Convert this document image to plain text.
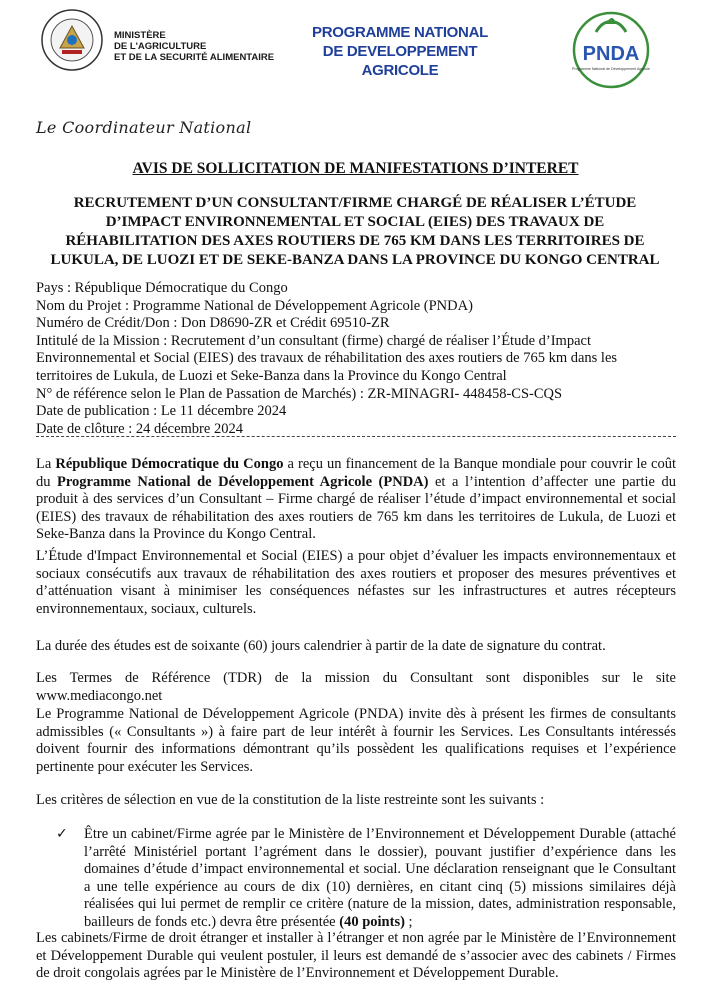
MINISTÈRE
DE L'AGRICULTURE
ET DE LA SECURITÉ ALIMENTAIRE
PROGRAMME NATIONAL
DE DEVELOPPEMENT
AGRICOLE
PNDA
Programme National de Développement Agricole
Le Coordinateur National
AVIS DE SOLLICITATION DE MANIFESTATIONS D’INTERET
RECRUTEMENT D’UN CONSULTANT/FIRME CHARGÉ DE RÉALISER L’ÉTUDE
D’IMPACT ENVIRONNEMENTAL ET SOCIAL (EIES) DES TRAVAUX DE
RÉHABILITATION DES AXES ROUTIERS DE 765 KM DANS LES TERRITOIRES DE
LUKULA, DE LUOZI ET DE SEKE-BANZA DANS LA PROVINCE DU KONGO CENTRAL
Pays : République Démocratique du Congo
Nom du Projet : Programme National de Développement Agricole (PNDA)
Numéro de Crédit/Don : Don D8690-ZR et Crédit 69510-ZR
Intitulé de la Mission : Recrutement d’un consultant (firme) chargé de réaliser l’Étude d’Impact
Environnemental et Social (EIES) des travaux de réhabilitation des axes routiers de 765 km dans les
territoires de Lukula, de Luozi et Seke-Banza dans la Province du Kongo Central
N° de référence selon le Plan de Passation de Marchés) : ZR-MINAGRI- 448458-CS-CQS
Date de publication : Le 11 décembre 2024
Date de clôture : 24 décembre 2024
La République Démocratique du Congo a reçu un financement de la Banque mondiale pour couvrir le coût du Programme National de Développement Agricole (PNDA) et a l’intention d’affecter une partie du produit à des services d’un Consultant – Firme chargé de réaliser l’étude d’impact environnemental et social (EIES) des travaux de réhabilitation des axes routiers de 765 km dans les territoires de Lukula, de Luozi et Seke-Banza dans la Province du Kongo Central.
L’Étude d'Impact Environnemental et Social (EIES) a pour objet d’évaluer les impacts environnementaux et sociaux consécutifs aux travaux de réhabilitation des axes routiers et proposer des mesures préventives et d’atténuation visant à minimiser les conséquences néfastes sur les infrastructures et autres récepteurs environnementaux, sociaux, culturels.
La durée des études est de soixante (60) jours calendrier à partir de la date de signature du contrat.
Les Termes de Référence (TDR) de la mission du Consultant sont disponibles sur le site www.mediacongo.net
Le Programme National de Développement Agricole (PNDA) invite dès à présent les firmes de consultants admissibles (« Consultants ») à faire part de leur intérêt à fournir les Services. Les Consultants intéressés doivent fournir des informations démontrant qu’ils possèdent les qualifications requises et l’expérience pertinente pour exécuter les Services.
Les critères de sélection en vue de la constitution de la liste restreinte sont les suivants :
✓ Être un cabinet/Firme agrée par le Ministère de l’Environnement et Développement Durable (attaché l’arrêté Ministériel portant l’agrément dans le dossier), pouvant justifier d’expérience dans les domaines d’étude d’impact environnemental et social. Une déclaration renseignant que le Consultant a une telle expérience au cours de dix (10) dernières, en citant cinq (5) missions similaires déjà réalisées qui lui permet de remplir ce critère (nature de la mission, dates, administration responsable, bailleurs de fonds etc.) devra être présentée (40 points) ;
Les cabinets/Firme de droit étranger et installer à l’étranger et non agrée par le Ministère de l’Environnement et Développement Durable qui veulent postuler, il leurs est demandé de s’associer avec des cabinets / Firmes de droit congolais agrées par le Ministère de l’Environnement et Développement Durable.
